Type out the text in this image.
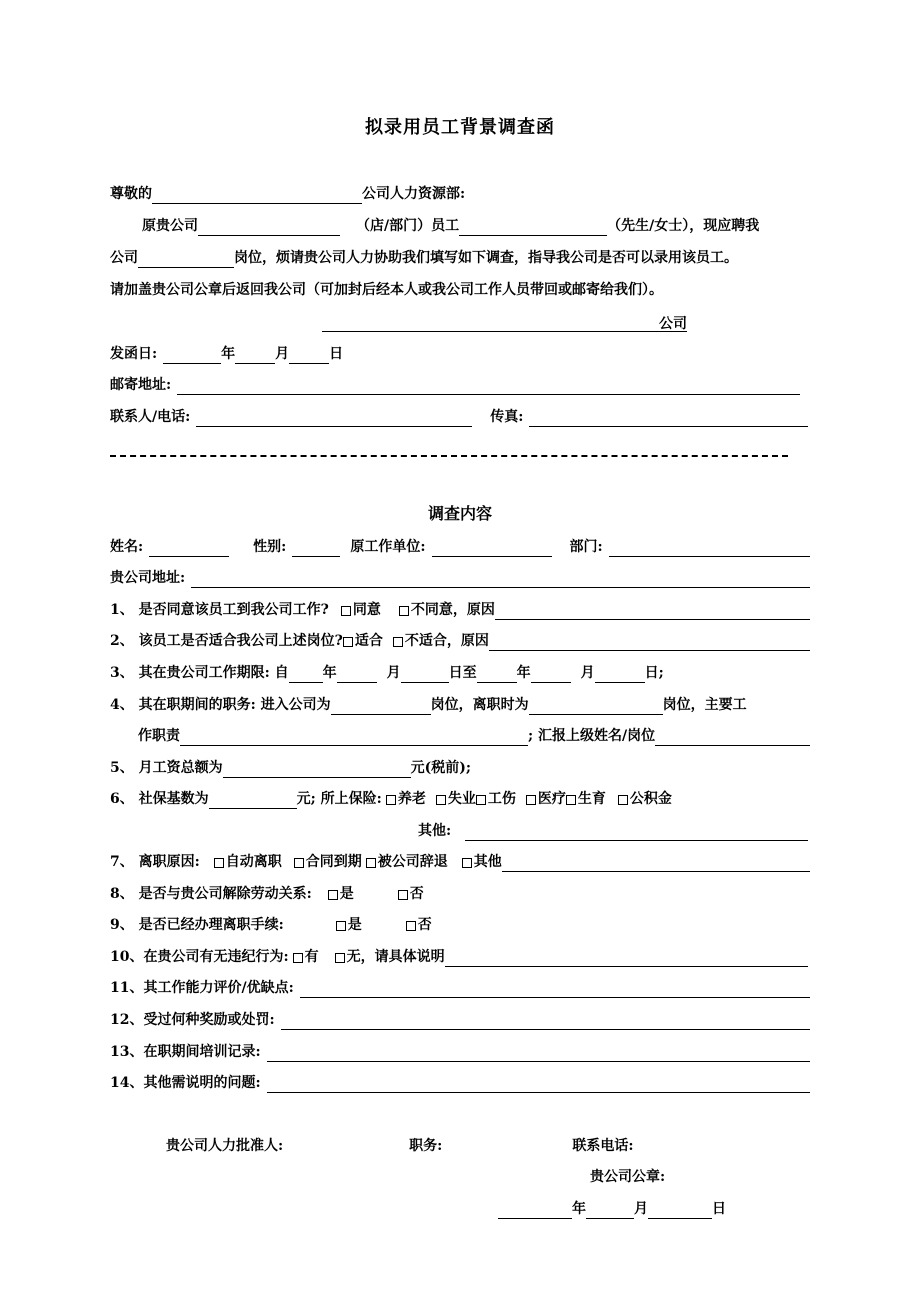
拟录用员工背景调查函
尊敬的	公司人力资源部:
原贵公司	（店/部门）员工	（先生/女士），现应聘我
公司	岗位，烦请贵公司人力协助我们填写如下调查，指导我公司是否可以录用该员工。
请加盖贵公司公章后返回我公司（可加封后经本人或我公司工作人员带回或邮寄给我们）。
公司
发函日:	年	月	日
邮寄地址:
联系人/电话:	传真:
调查内容
姓名:	性别:	原工作单位:	部门:
贵公司地址:
1、 是否同意该员工到我公司工作? 同意 不同意，原因
2、 该员工是否适合我公司上述岗位? 适合 不适合，原因
3、 其在贵公司工作期限: 自 年	月	日至	年	月	日;
4、 其在职期间的职务: 进入公司为	岗位，离职时为	岗位，主要工
作职责	; 汇报上级姓名/岗位
5、 月工资总额为	元(税前);
6、 社保基数为	元; 所上保险: 养老 失业 工伤 医疗 生育 公积金
其他:
7、 离职原因: 自动离职 合同到期 被公司辞退 其他
8、 是否与贵公司解除劳动关系: 是	否
9、 是否已经办理离职手续:	是	否
10、在贵公司有无违纪行为: 有 无，请具体说明
11、其工作能力评价/优缺点:
12、受过何种奖励或处罚:
13、在职期间培训记录:
14、其他需说明的问题:
贵公司人力批准人:	职务:	联系电话:
贵公司公章:
年	月	日
